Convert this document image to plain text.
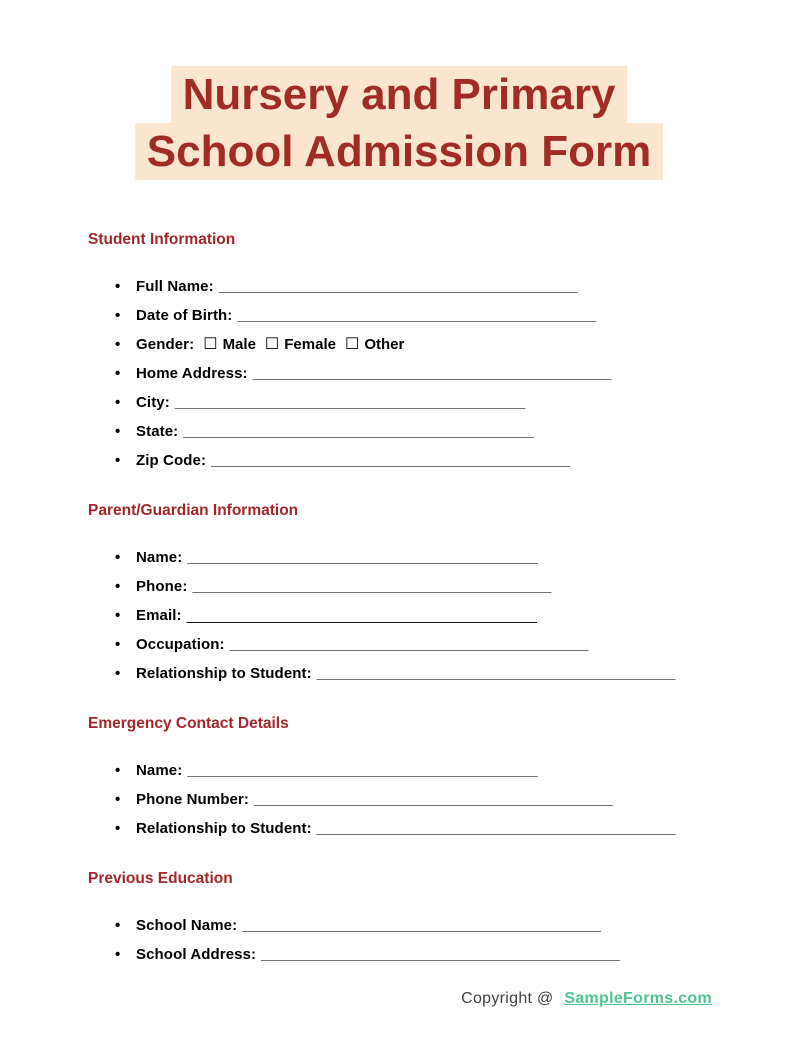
Nursery and Primary
School Admission Form
Student Information
•	Full Name: ___________________________________________
•	Date of Birth: ___________________________________________
•	Gender: ☐ Male ☐ Female ☐ Other
•	Home Address: ___________________________________________
•	City: __________________________________________
•	State: __________________________________________
•	Zip Code: ___________________________________________
Parent/Guardian Information
•	Name: __________________________________________
•	Phone: ___________________________________________
•	Email: __________________________________________
•	Occupation: ___________________________________________
•	Relationship to Student: ___________________________________________
Emergency Contact Details
•	Name: __________________________________________
•	Phone Number: ___________________________________________
•	Relationship to Student: ___________________________________________
Previous Education
•	School Name: ___________________________________________
•	School Address: ___________________________________________
Copyright @ SampleForms.com
